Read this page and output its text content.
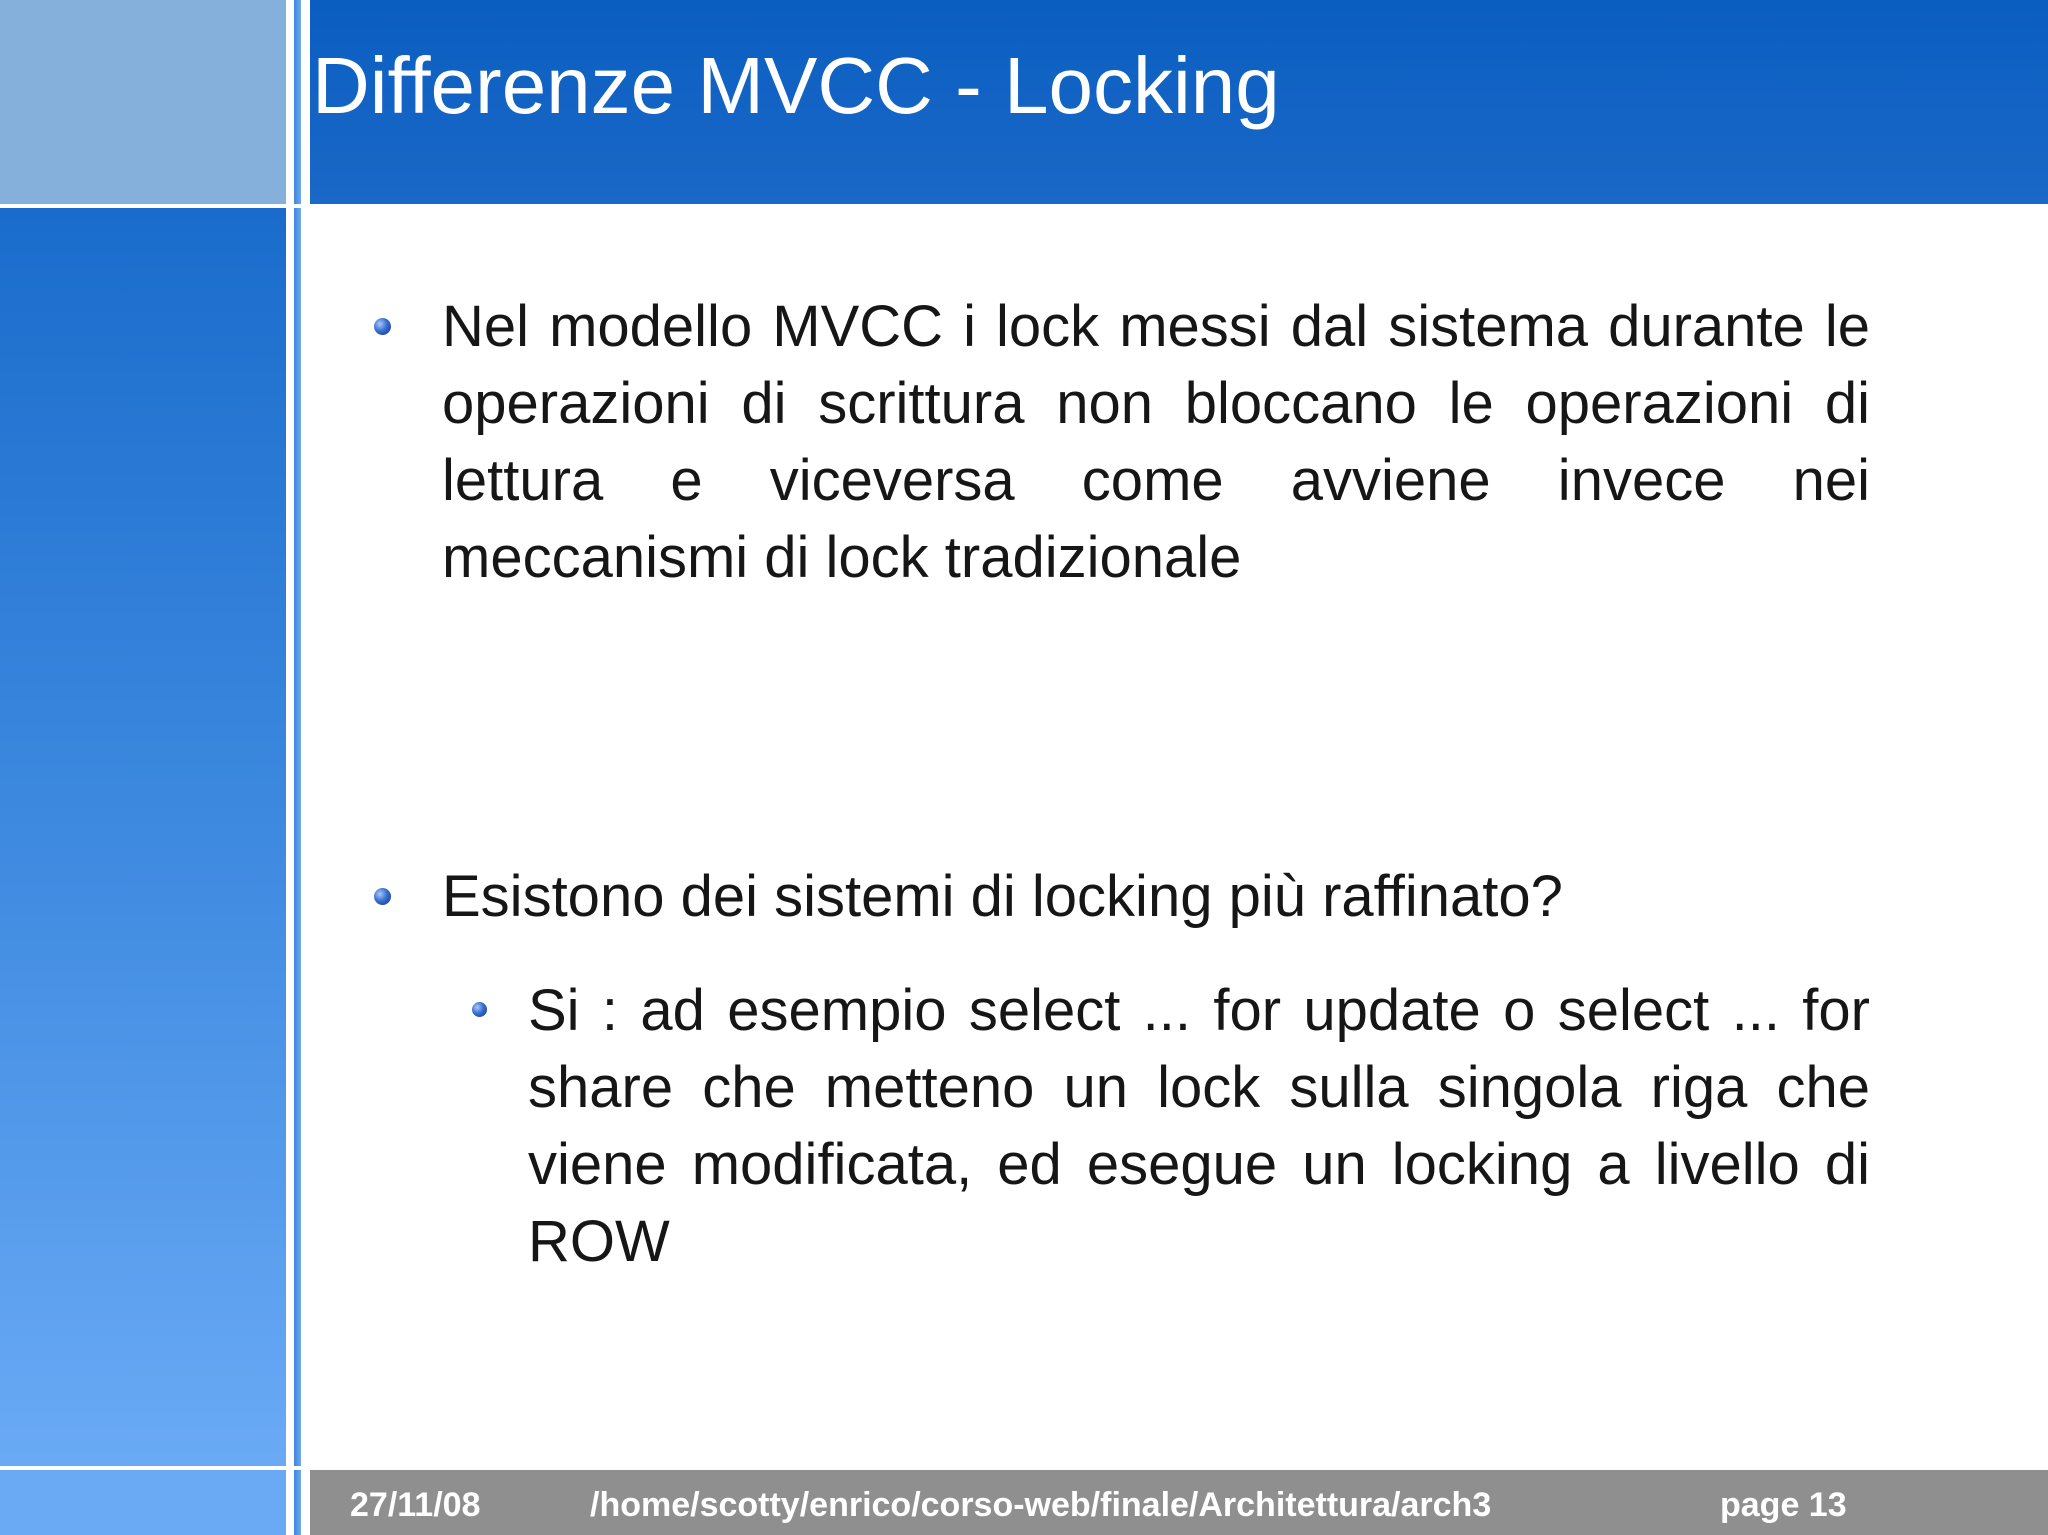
Differenze MVCC - Locking
Nel modello MVCC i lock messi dal sistema durante le operazioni di scrittura non bloccano le operazioni di lettura e viceversa come avviene invece nei meccanismi di lock tradizionale
Esistono dei sistemi di locking più raffinato?
Si : ad esempio select ... for update o select ... for share che metteno un lock sulla singola riga che viene modificata, ed esegue un locking a livello di ROW
27/11/08	/home/scotty/enrico/corso-web/finale/Architettura/arch3	page 13
